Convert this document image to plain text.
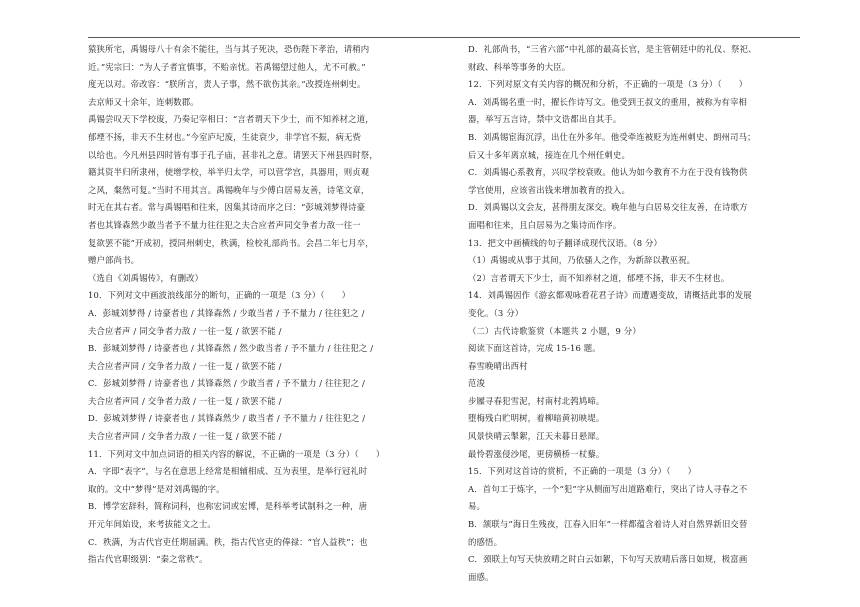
猿狭所宅，禹锡母八十有余不能往，当与其子死决，恐伤陛下孝治，请稍内
近。”宪宗曰：“为人子者宜慎事，不贻亲忧。若禹锡望过他人，尤不可赦。”
度无以对。帝改容：“朕所言，责人子事，然不欲伤其亲。”改授连州刺史。
去京师又十余年，连刺数郡。
禹锡尝叹天下学校废，乃奏记宰相曰：“言者谓天下少士，而不知养材之道，
郁堙不扬，非天不生材也。”今室庐圮废，生徒衰少，非学官不振，病无赀
以给也。今凡州县四时皆有事于孔子庙，甚非礼之意。请罢天下州县四时祭，
籍其资半归所隶州，使增学校，举半归太学，可以营学宫，具器用，则贞观
之风，粲然可复。”当时不用其言。禹锡晚年与少傅白居易友善，诗笔文章，
时无在其右者。常与禹锡唱和往来，因集其诗而序之曰：“彭城刘梦得诗豪
者也其锋森然少敢当者予不量力往往犯之夫合应者声同交争者力敌一往一
复欲罢不能”开成初，授同州刺史，秩满，检校礼部尚书。会昌二年七月卒，
赠户部尚书。
（选自《刘禹锡传》，有删改）
10．下列对文中画波浪线部分的断句，正确的一项是（3 分）（　　）
A．彭城刘梦得 / 诗豪者也 / 其锋森然 / 少敢当者 / 予不量力 / 往往犯之 /
夫合应者声 / 同交争者力敌 / 一往一复 / 欲罢不能 /
B．彭城刘梦得 / 诗豪者也 / 其锋森然 / 然少敢当者 / 予不量力 / 往往犯之 /
夫合应者声同 / 交争者力敌 / 一往一复 / 欲罢不能 /
C．彭城刘梦得 / 诗豪者也 / 其锋森然 / 少敢当者 / 予不量力 / 往往犯之 /
夫合应者声同 / 交争者力敌 / 一往一复 / 欲罢不能 /
D．彭城刘梦得 / 诗豪者也 / 其锋森然少 / 敢当者 / 予不量力 / 往往犯之 /
夫合应者声同 / 交争者力敌 / 一往一复 / 欲罢不能 /
11．下列对文中加点词语的相关内容的解说，不正确的一项是（3 分）（　　）
A．字即“表字”，与名在意思上经常是相辅相成、互为表里，是举行冠礼时
取的。文中“梦得”是对刘禹锡的字。
B．博学宏辞科，简称词科，也称宏词或宏博，是科举考试制科之一种，唐
开元年间始设，来考拔能文之士。
C．秩满，为古代官吏任期届满。秩，指古代官吏的俸禄：“官人益秩”；也
指古代官职级别：“秦之常秩”。
D．礼部尚书，“三省六部”中礼部的最高长官，是主管朝廷中的礼仪、祭祀、
财政、科举等事务的大臣。
12．下列对原文有关内容的概况和分析，不正确的一项是（3 分）（　　）
A．刘禹锡名重一时，擢长作诗写文。他受到王叔文的重用，被称为有宰相
器，举写五言诗，禁中文诰都出自其手。
B．刘禹锡宦海沉浮，出仕在外多年。他受牵连被贬为连州刺史、朗州司马；
后又十多年离京城，接连在几个州任刺史。
C．刘禹锡心系教育，兴叹学校衰败。他认为如今教育不力在于没有钱物供
学官使用，应该省出钱来增加教育的投入。
D．刘禹锡以文会友，甚得朋友深交。晚年他与白居易交往友善，在诗歌方
面唱和往来，且白居易为之集诗而作序。
13．把文中画横线的句子翻译成现代汉语。（8 分）
（1）禹锡或从事于其间，乃依骚人之作，为新辞以教巫祝。
（2）言者谓天下少士，而不知养材之道，郁堙不扬，非天不生材也。
14．刘禹锡因作《游玄都观咏看花君子诗》而遭遇变故，请概括此事的发展
变化。（3 分）
（二）古代诗歌鉴赏（本题共 2 小题，9 分）
阅读下面这首诗，完成 15-16 题。
春雪晚晴出西村
范浚
步屧寻春犯雪泥，村南村北鹁鸠啼。
堕梅残白贮明树，着柳暗黄初映堤。
风景快晴云掣絮，江天未暮日悬犀。
最怜碧涨侵沙尾，更傍横桥一杖藜。
15．下列对这首诗的赏析，不正确的一项是（3 分）（　　）
A．首句工于炼字，一个“犯”字从侧面写出道路难行，突出了诗人寻春之不
易。
B．颔联与“海日生残夜，江春入旧年”一样都蕴含着诗人对自然界新旧交替
的感悟。
C．颈联上句写天快放晴之时白云如絮，下句写天放晴后落日如规，极富画
面感。
